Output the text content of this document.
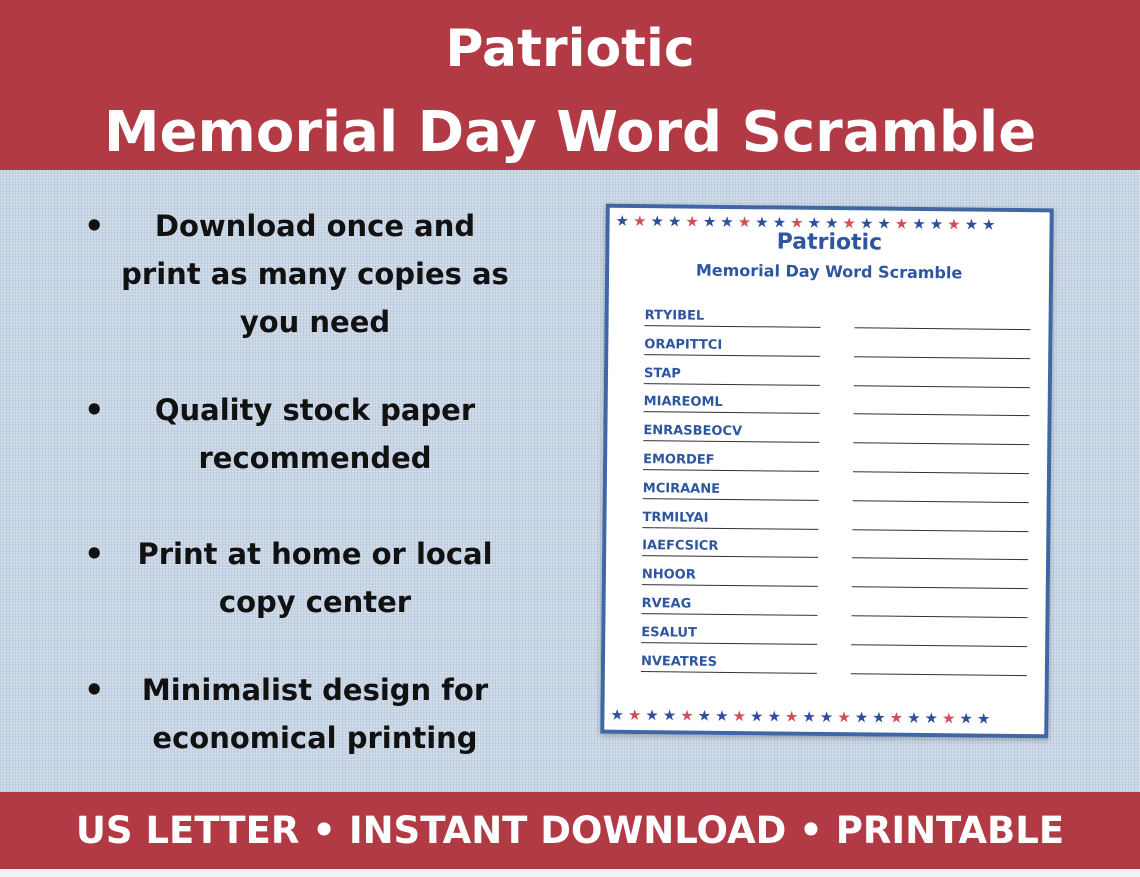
Patriotic
Memorial Day Word Scramble
•	Download once and print as many copies as you need
•	Quality stock paper recommended
•	Print at home or local copy center
•	Minimalist design for economical printing
★★★★★★★★★★★★★★★★★★★★★★
Patriotic
Memorial Day Word Scramble
RTYIBEL
ORAPITTCI
STAP
MIAREOML
ENRASBEOCV
EMORDEF
MCIRAANE
TRMILYAI
IAEFCSICR
NHOOR
RVEAG
ESALUT
NVEATRES
★★★★★★★★★★★★★★★★★★★★★★
US LETTER • INSTANT DOWNLOAD • PRINTABLE
